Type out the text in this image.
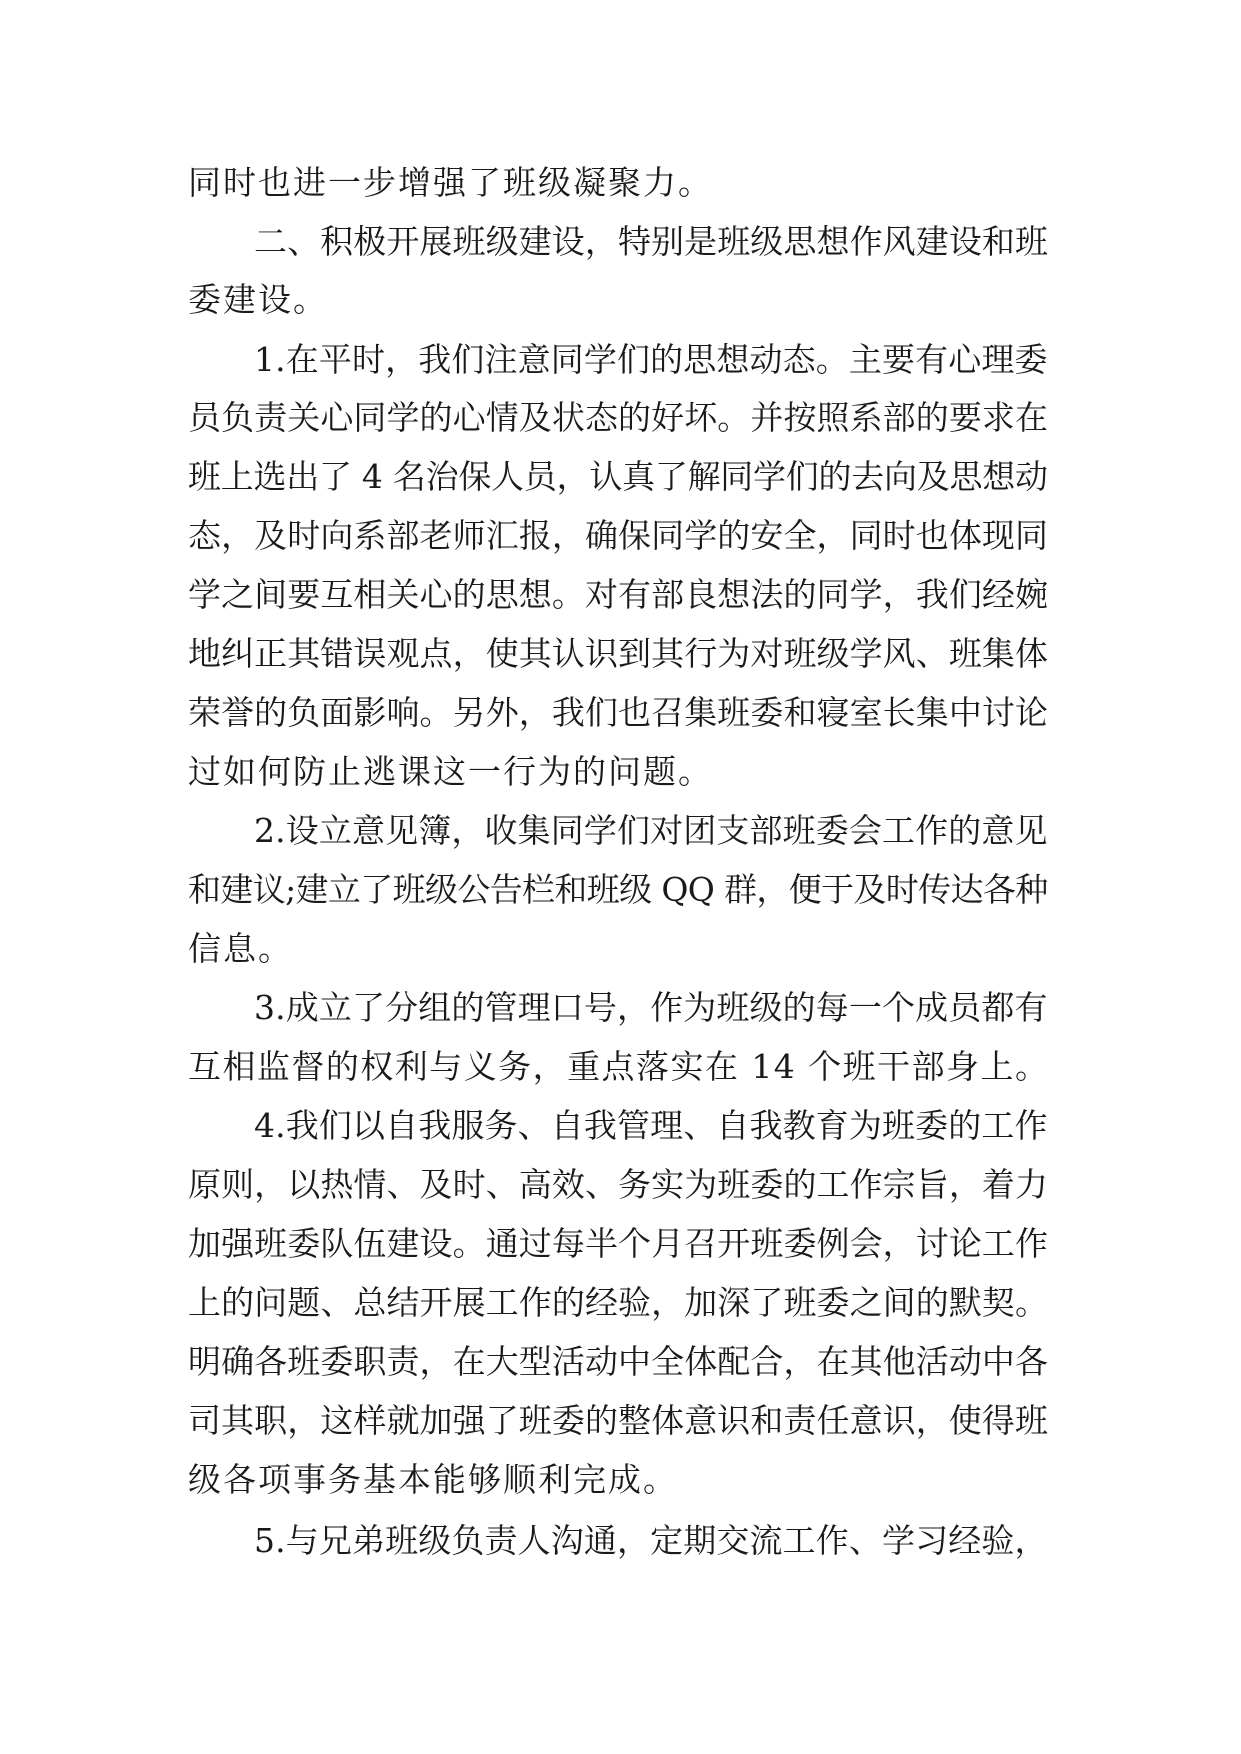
同时也进一步增强了班级凝聚力。
二、积极开展班级建设，特别是班级思想作风建设和班
委建设。
1.在平时，我们注意同学们的思想动态。主要有心理委
员负责关心同学的心情及状态的好坏。并按照系部的要求在
班上选出了 4 名治保人员，认真了解同学们的去向及思想动
态，及时向系部老师汇报，确保同学的安全，同时也体现同
学之间要互相关心的思想。对有部良想法的同学，我们经婉
地纠正其错误观点，使其认识到其行为对班级学风、班集体
荣誉的负面影响。另外，我们也召集班委和寝室长集中讨论
过如何防止逃课这一行为的问题。
2.设立意见簿，收集同学们对团支部班委会工作的意见
和建议;建立了班级公告栏和班级 QQ 群，便于及时传达各种
信息。
3.成立了分组的管理口号，作为班级的每一个成员都有
互相监督的权利与义务，重点落实在 14 个班干部身上。
4.我们以自我服务、自我管理、自我教育为班委的工作
原则，以热情、及时、高效、务实为班委的工作宗旨，着力
加强班委队伍建设。通过每半个月召开班委例会，讨论工作
上的问题、总结开展工作的经验，加深了班委之间的默契。
明确各班委职责，在大型活动中全体配合，在其他活动中各
司其职，这样就加强了班委的整体意识和责任意识，使得班
级各项事务基本能够顺利完成。
5.与兄弟班级负责人沟通，定期交流工作、学习经验，
